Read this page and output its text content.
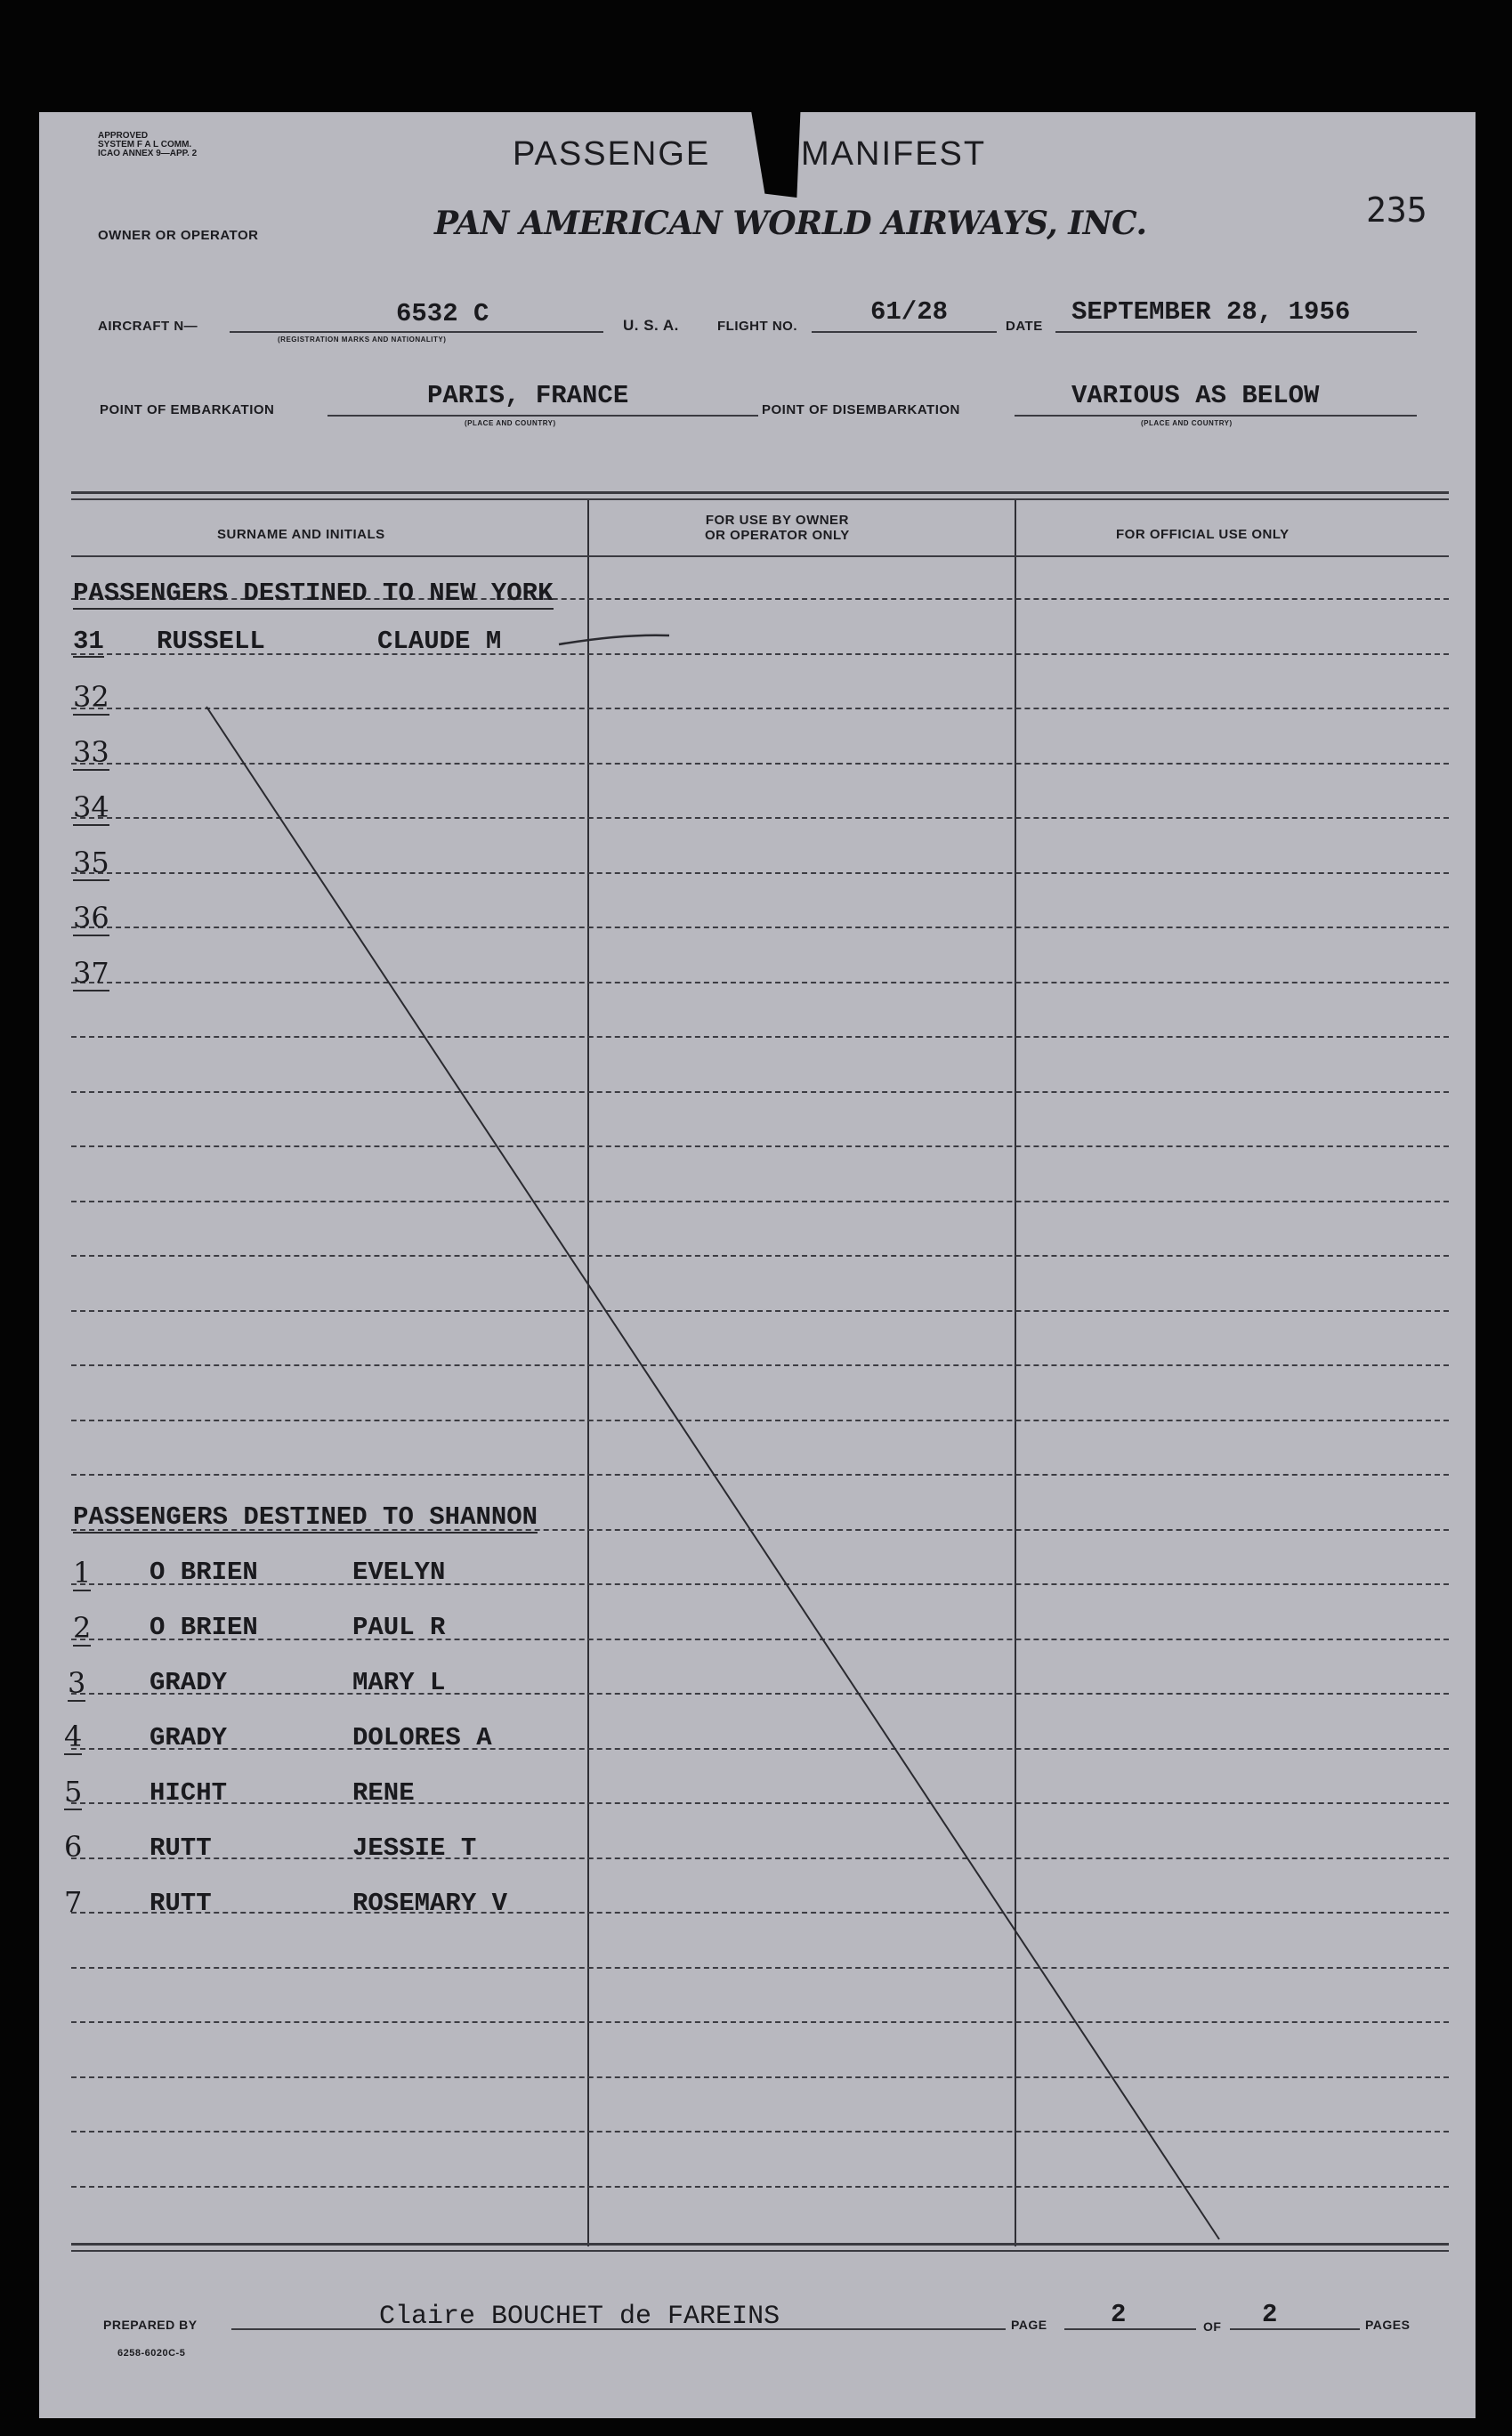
APPROVED
SYSTEM F A L COMM.
ICAO ANNEX 9—APP. 2	PASSENGE	MANIFEST
235
OWNER OR OPERATOR	PAN AMERICAN WORLD AIRWAYS, INC.
AIRCRAFT N—	6532 C
(REGISTRATION MARKS AND NATIONALITY)
U. S. A.	FLIGHT NO.	61/28	DATE SEPTEMBER 28, 1956
POINT OF EMBARKATION	PARIS, FRANCE
(PLACE AND COUNTRY)
POINT OF DISEMBARKATION	VARIOUS AS BELOW
(PLACE AND COUNTRY)
SURNAME AND INITIALS
FOR USE BY OWNER
OR OPERATOR ONLY	FOR OFFICIAL USE ONLY
PASSENGERS DESTINED TO NEW YORK
31 RUSSELL	CLAUDE M
32
33
34
35
36
37
PASSENGERS DESTINED TO SHANNON
1 O BRIEN	EVELYN
2 O BRIEN	PAUL R
3 GRADY	MARY L
4	GRADY	DOLORES A
5	HICHT	RENE
6	RUTT	JESSIE T
7	RUTT	ROSEMARY V
PREPARED BY	Claire BOUCHET de FAREINS	PAGE 2	OF 2	PAGES
6258-6020C-5
